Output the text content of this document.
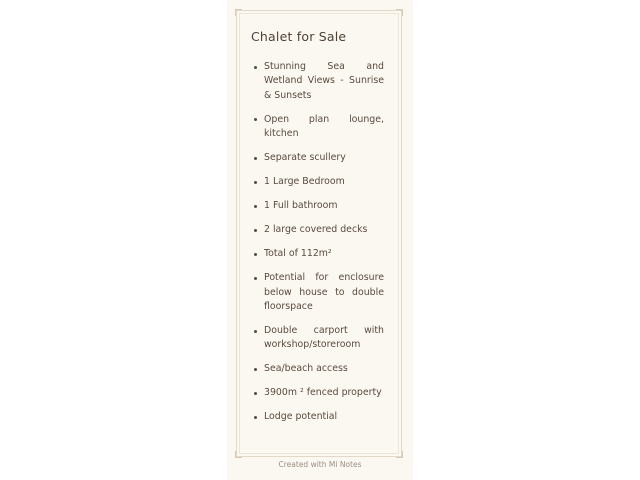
Chalet for Sale
Stunning Sea and Wetland Views - Sunrise & Sunsets
Open plan lounge, kitchen
Separate scullery
1 Large Bedroom
1 Full bathroom
2 large covered decks
Total of 112m²
Potential for enclosure below house to double floorspace
Double carport with workshop/storeroom
Sea/beach access
3900m ² fenced property
Lodge potential
Created with Mi Notes
